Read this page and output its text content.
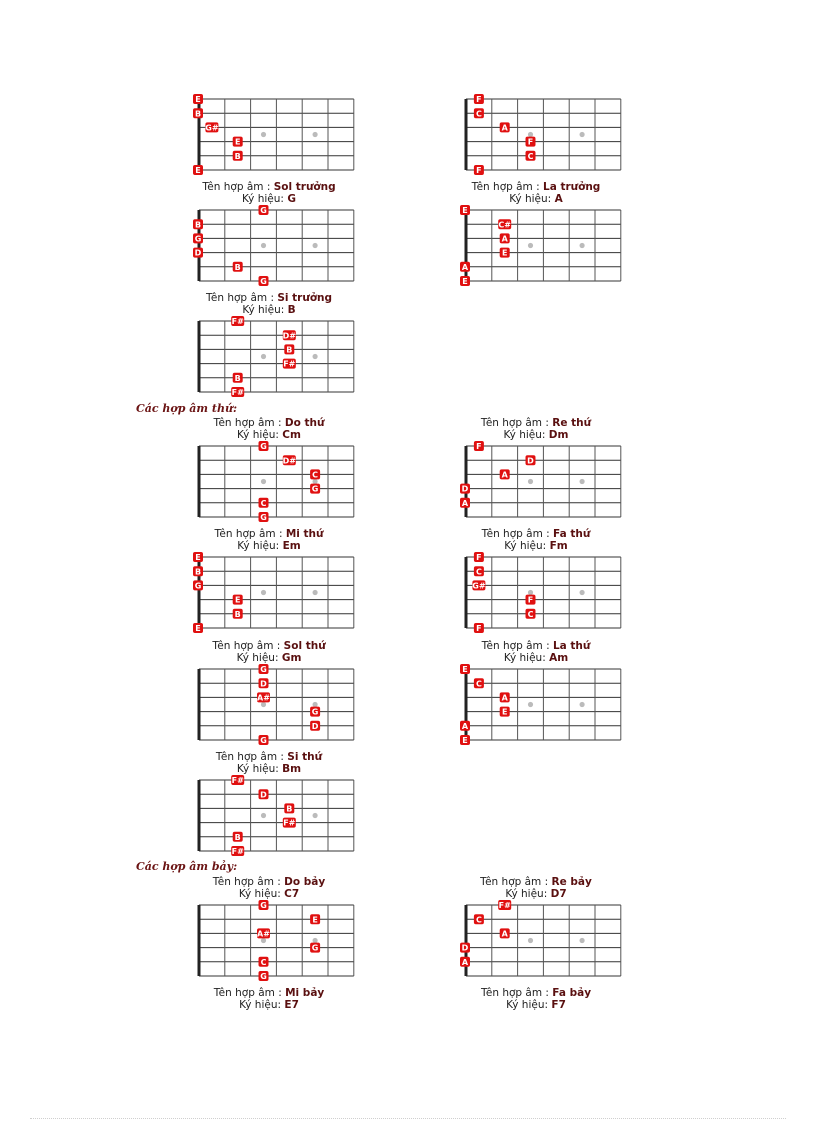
E
B
G#
E
B
E
F
C
A
F
C
F
Tên hợp âm : Sol trưởng
Ký hiệu: G
Tên hợp âm : La trưởng
Ký hiệu: A
G
B
G
D
B
G
E
C#
A
E
A
E
Tên hợp âm : Si trưởng
Ký hiệu: B
F#
D#
B
F#
B
F#
Các hợp âm thứ:
Tên hợp âm : Do thứ
Ký hiệu: Cm
Tên hợp âm : Re thứ
Ký hiệu: Dm
G
D#
C
G
C
G
F
D
A
D
A
Tên hợp âm : Mi thứ
Ký hiệu: Em
Tên hợp âm : Fa thứ
Ký hiệu: Fm
E
B
G
E
B
E
F
C
G#
F
C
F
Tên hợp âm : Sol thứ
Ký hiệu: Gm
Tên hợp âm : La thứ
Ký hiệu: Am
G
D
A#
G
D
G
E
C
A
E
A
E
Tên hợp âm : Si thứ
Ký hiệu: Bm
F#
D
B
F#
B
F#
Các hợp âm bảy:
Tên hợp âm : Do bảy
Ký hiệu: C7
Tên hợp âm : Re bảy
Ký hiệu: D7
G
E
A#
G
C
G
F#
C
A
D
A
Tên hợp âm : Mi bảy
Ký hiệu: E7
Tên hợp âm : Fa bảy
Ký hiệu: F7
